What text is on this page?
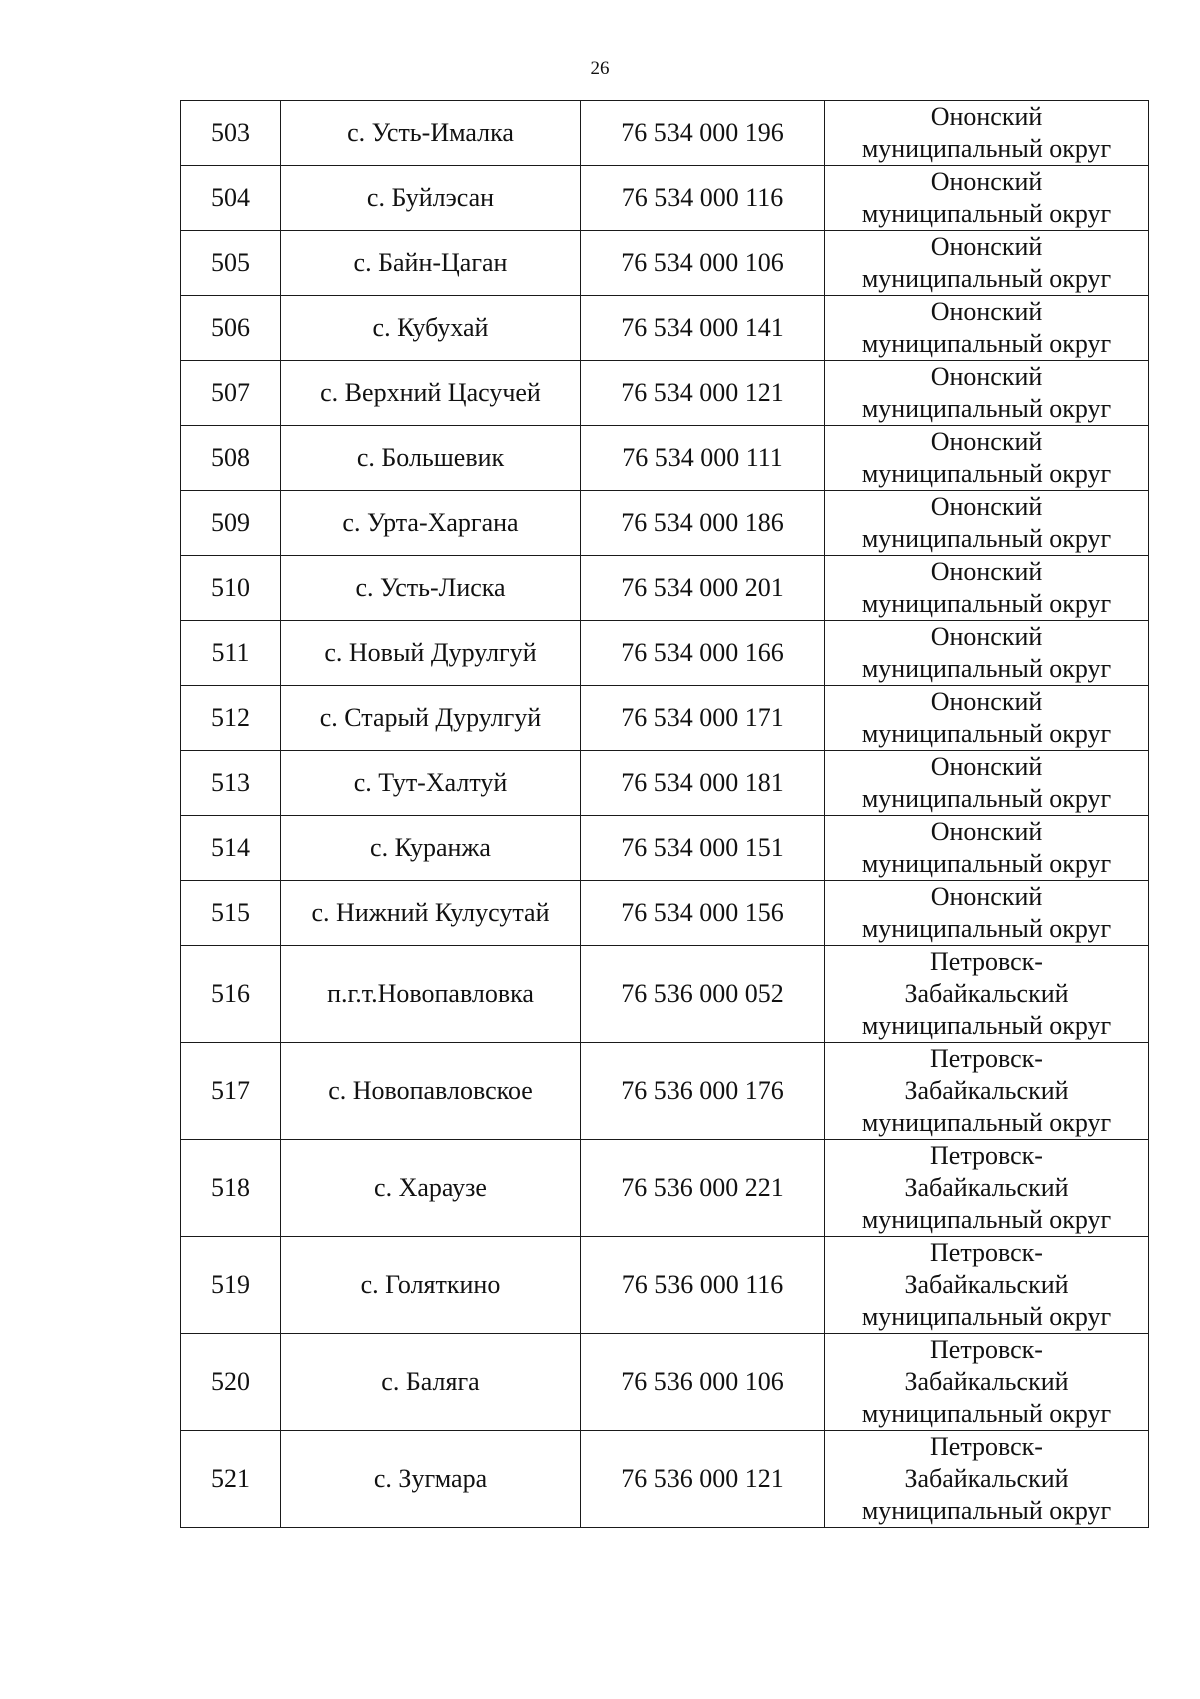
26
503	с. Усть-Ималка	76 534 000 196	Ононский
муниципальный округ

504	с. Буйлэсан	76 534 000 116	Ононский
муниципальный округ

505	с. Байн-Цаган	76 534 000 106	Ононский
муниципальный округ

506	с. Кубухай	76 534 000 141	Ононский
муниципальный округ

507	с. Верхний Цасучей	76 534 000 121	Ононский
муниципальный округ

508	с. Большевик	76 534 000 111	Ононский
муниципальный округ

509	с. Урта-Харгана	76 534 000 186	Ононский
муниципальный округ

510	с. Усть-Лиска	76 534 000 201	Ононский
муниципальный округ

511	с. Новый Дурулгуй	76 534 000 166	Ононский
муниципальный округ

512	с. Старый Дурулгуй	76 534 000 171	Ононский
муниципальный округ

513	с. Тут-Халтуй	76 534 000 181	Ононский
муниципальный округ

514	с. Куранжа	76 534 000 151	Ононский
муниципальный округ

515	с. Нижний Кулусутай	76 534 000 156	Ононский
муниципальный округ

516	п.г.т.Новопавловка	76 536 000 052	Петровск-
Забайкальский
муниципальный округ

517	с. Новопавловское	76 536 000 176	Петровск-
Забайкальский
муниципальный округ

518	с. Хараузе	76 536 000 221	Петровск-
Забайкальский
муниципальный округ

519	с. Голяткино	76 536 000 116	Петровск-
Забайкальский
муниципальный округ

520	с. Баляга	76 536 000 106	Петровск-
Забайкальский
муниципальный округ

521	с. Зугмара	76 536 000 121	Петровск-
Забайкальский
муниципальный округ
